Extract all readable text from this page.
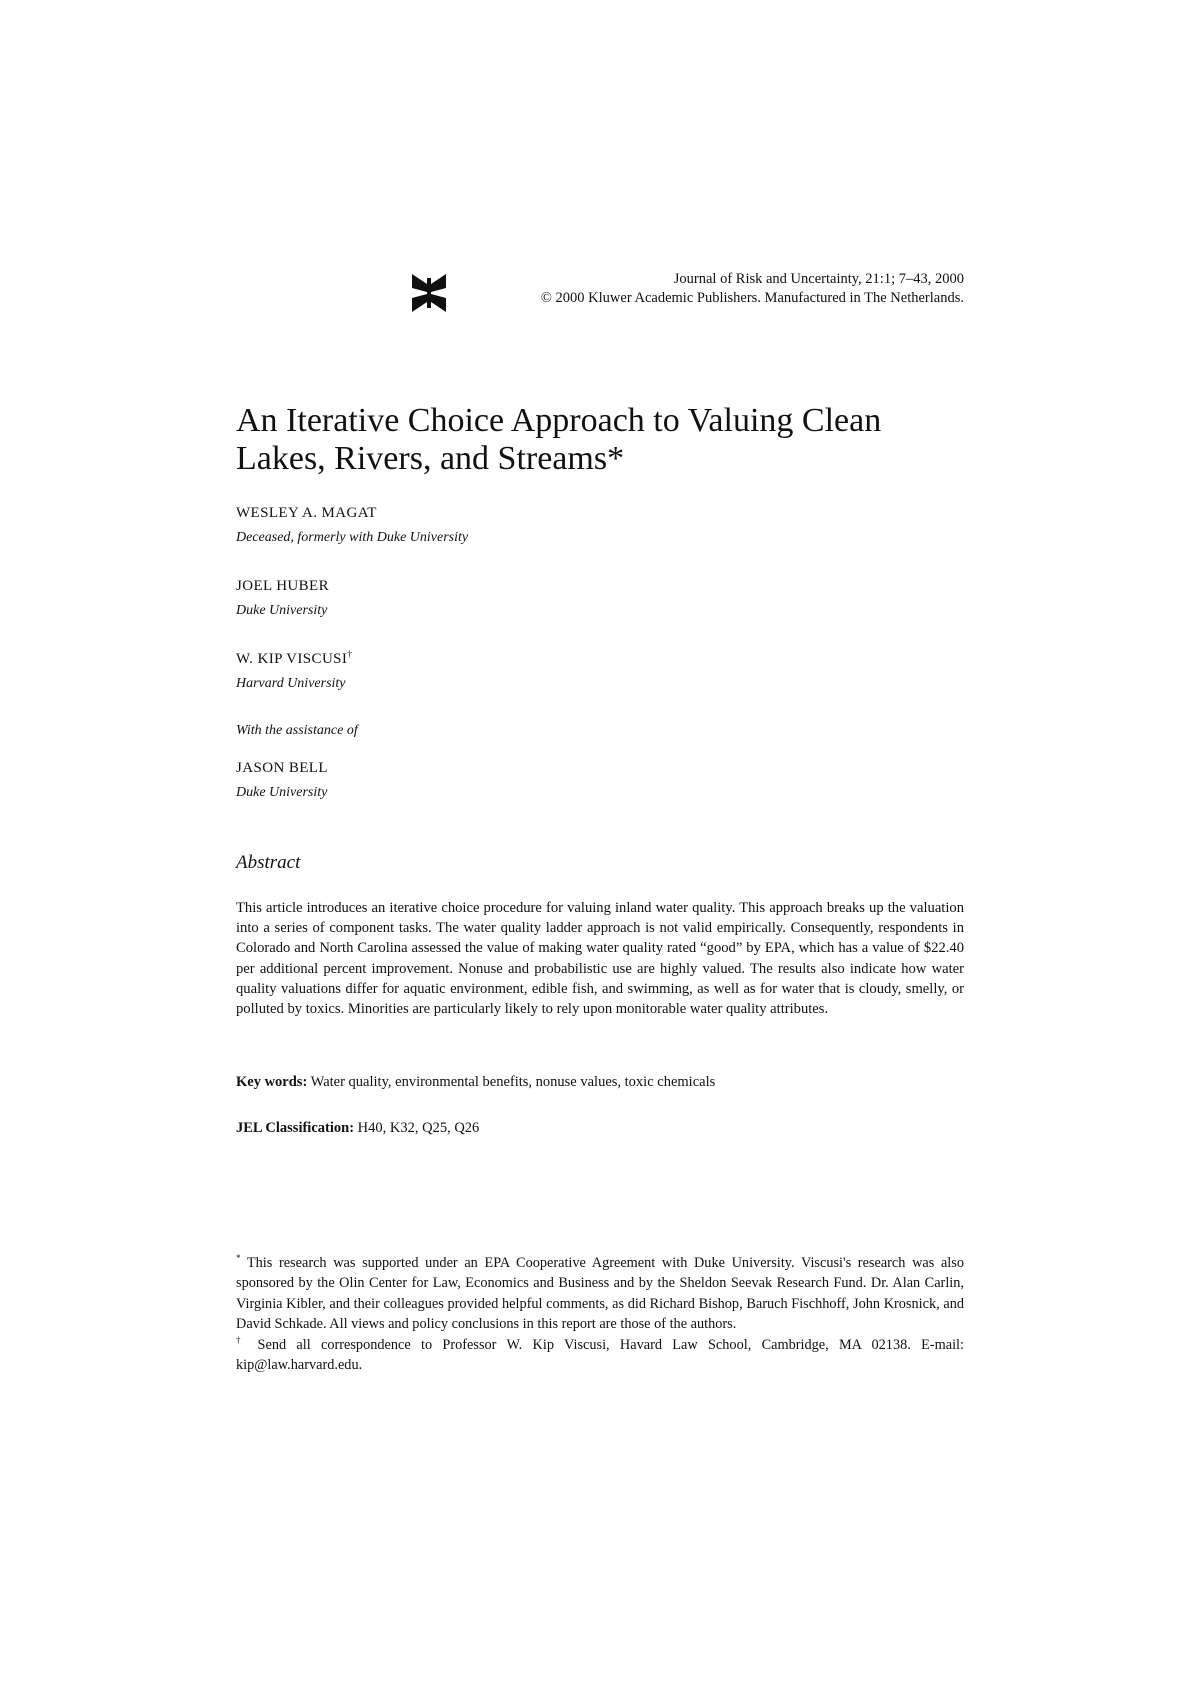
Journal of Risk and Uncertainty, 21:1; 7–43, 2000
© 2000 Kluwer Academic Publishers. Manufactured in The Netherlands.
An Iterative Choice Approach to Valuing Clean
Lakes, Rivers, and Streams*
WESLEY A. MAGAT
Deceased, formerly with Duke University
JOEL HUBER
Duke University
W. KIP VISCUSI†
Harvard University
With the assistance of
JASON BELL
Duke University
Abstract

This article introduces an iterative choice procedure for valuing inland water quality. This approach breaks up the valuation into a series of component tasks. The water quality ladder approach is not valid empirically. Consequently, respondents in Colorado and North Carolina assessed the value of making water quality rated “good” by EPA, which has a value of $22.40 per additional percent improvement. Nonuse and probabilistic use are highly valued. The results also indicate how water quality valuations differ for aquatic environment, edible fish, and swimming, as well as for water that is cloudy, smelly, or polluted by toxics. Minorities are particularly likely to rely upon monitorable water quality attributes.

Key words: Water quality, environmental benefits, nonuse values, toxic chemicals
JEL Classification: H40, K32, Q25, Q26

* This research was supported under an EPA Cooperative Agreement with Duke University. Viscusi's research was also sponsored by the Olin Center for Law, Economics and Business and by the Sheldon Seevak Research Fund. Dr. Alan Carlin, Virginia Kibler, and their colleagues provided helpful comments, as did Richard Bishop, Baruch Fischhoff, John Krosnick, and David Schkade. All views and policy conclusions in this report are those of the authors.

† Send all correspondence to Professor W. Kip Viscusi, Havard Law School, Cambridge, MA 02138. E-mail: kip@law.harvard.edu.
